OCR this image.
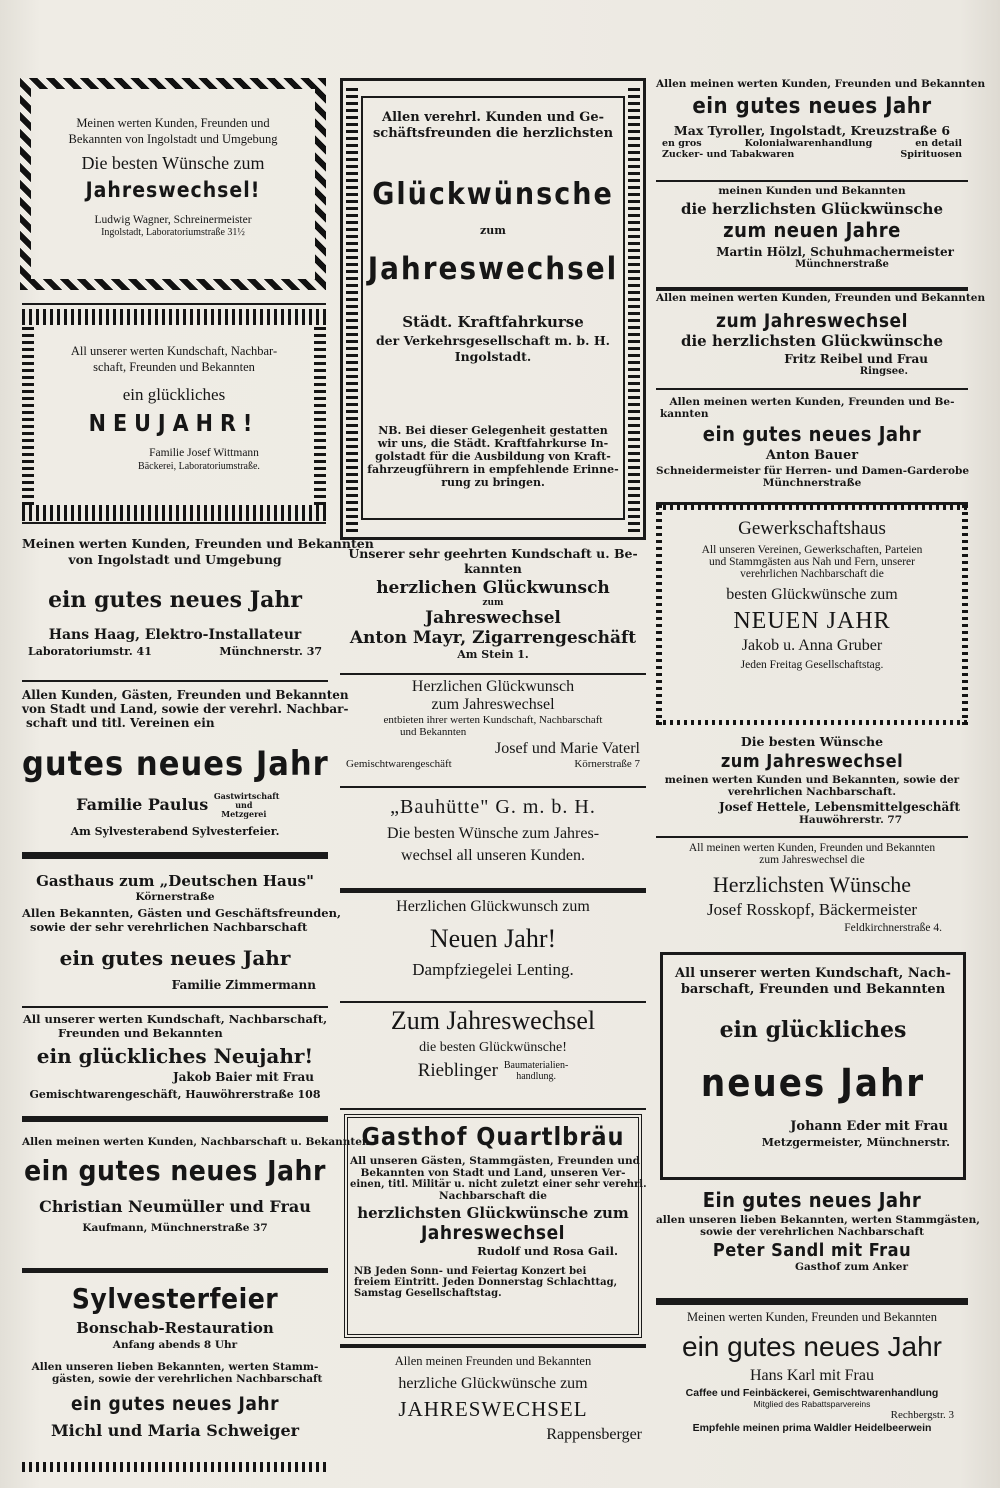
Meinen werten Kunden, Freunden und
Bekannten von Ingolstadt und Umgebung
Die besten Wünsche zum
Jahreswechsel!
Ludwig Wagner, Schreinermeister
Ingolstadt, Laboratoriumstraße 31½
All unserer werten Kundschaft, Nachbar-
schaft, Freunden und Bekannten
ein glückliches
NEUJAHR!
Familie Josef Wittmann
Bäckerei, Laboratoriumstraße.
Meinen werten Kunden, Freunden und Bekannten
von Ingolstadt und Umgebung
ein gutes neues Jahr
Hans Haag, Elektro-Installateur
Laboratoriumstr. 41	Münchnerstr. 37
Allen Kunden, Gästen, Freunden und Bekannten
von Stadt und Land, sowie der verehrl. Nachbar-
schaft und titl. Vereinen ein
gutes neues Jahr
Familie Paulus Gastwirtschaft und Metzgerei
Am Sylvesterabend Sylvesterfeier.
Gasthaus zum „Deutschen Haus"
Körnerstraße
Allen Bekannten, Gästen und Geschäftsfreunden,
sowie der sehr verehrlichen Nachbarschaft
ein gutes neues Jahr
Familie Zimmermann
All unserer werten Kundschaft, Nachbarschaft,
Freunden und Bekannten
ein glückliches Neujahr!
Jakob Baier mit Frau
Gemischtwarengeschäft, Hauwöhrerstraße 108
Allen meinen werten Kunden, Nachbarschaft u. Bekannten
ein gutes neues Jahr
Christian Neumüller und Frau
Kaufmann, Münchnerstraße 37
Sylvesterfeier
Bonschab-Restauration
Anfang abends 8 Uhr
Allen unseren lieben Bekannten, werten Stamm-
gästen, sowie der verehrlichen Nachbarschaft
ein gutes neues Jahr
Michl und Maria Schweiger
Allen verehrl. Kunden und Ge-
schäftsfreunden die herzlichsten
Glückwünsche
zum
Jahreswechsel
Städt. Kraftfahrkurse
der Verkehrsgesellschaft m. b. H.
Ingolstadt.
NB. Bei dieser Gelegenheit gestatten
wir uns, die Städt. Kraftfahrkurse In-
golstadt für die Ausbildung von Kraft-
fahrzeugführern in empfehlende Erinne-
rung zu bringen.
Unserer sehr geehrten Kundschaft u. Be-
kannten
herzlichen Glückwunsch
zum
Jahreswechsel
Anton Mayr, Zigarrengeschäft
Am Stein 1.
Herzlichen Glückwunsch
zum Jahreswechsel
entbieten ihrer werten Kundschaft, Nachbarschaft
und Bekannten
Josef und Marie Vaterl
Gemischtwarengeschäft	Körnerstraße 7
„Bauhütte" G. m. b. H.
Die besten Wünsche zum Jahres-
wechsel all unseren Kunden.
Herzlichen Glückwunsch zum
Neuen Jahr!
Dampfziegelei Lenting.
Zum Jahreswechsel
die besten Glückwünsche!
Rieblinger Baumaterialien-
handlung.
Gasthof Quartlbräu
All unseren Gästen, Stammgästen, Freunden und
Bekannten von Stadt und Land, unseren Ver-
einen, titl. Militär u. nicht zuletzt einer sehr verehrl.
Nachbarschaft die
herzlichsten Glückwünsche zum
Jahreswechsel
Rudolf und Rosa Gail.
NB Jeden Sonn- und Feiertag Konzert bei
freiem Eintritt. Jeden Donnerstag Schlachttag,
Samstag Gesellschaftstag.
Allen meinen Freunden und Bekannten
herzliche Glückwünsche zum
JAHRESWECHSEL
Rappensberger
Allen meinen werten Kunden, Freunden und Bekannten
ein gutes neues Jahr
Max Tyroller, Ingolstadt, Kreuzstraße 6
en gros	Kolonialwarenhandlung	en detail
Zucker- und Tabakwaren	Spirituosen
meinen Kunden und Bekannten
die herzlichsten Glückwünsche
zum neuen Jahre
Martin Hölzl, Schuhmachermeister
Münchnerstraße
Allen meinen werten Kunden, Freunden und Bekannten
zum Jahreswechsel
die herzlichsten Glückwünsche
Fritz Reibel und Frau
Ringsee.
Allen meinen werten Kunden, Freunden und Be-
kannten
ein gutes neues Jahr
Anton Bauer
Schneidermeister für Herren- und Damen-Garderobe
Münchnerstraße
Gewerkschaftshaus
All unseren Vereinen, Gewerkschaften, Parteien
und Stammgästen aus Nah und Fern, unserer
verehrlichen Nachbarschaft die
besten Glückwünsche zum
NEUEN JAHR
Jakob u. Anna Gruber
Jeden Freitag Gesellschaftstag.
Die besten Wünsche
zum Jahreswechsel
meinen werten Kunden und Bekannten, sowie der
verehrlichen Nachbarschaft.
Josef Hettele, Lebensmittelgeschäft
Hauwöhrerstr. 77
All meinen werten Kunden, Freunden und Bekannten
zum Jahreswechsel die
Herzlichsten Wünsche
Josef Rosskopf, Bäckermeister
Feldkirchnerstraße 4.
All unserer werten Kundschaft, Nach-
barschaft, Freunden und Bekannten
ein glückliches
neues Jahr
Johann Eder mit Frau
Metzgermeister, Münchnerstr.
Ein gutes neues Jahr
allen unseren lieben Bekannten, werten Stammgästen,
sowie der verehrlichen Nachbarschaft
Peter Sandl mit Frau
Gasthof zum Anker
Meinen werten Kunden, Freunden und Bekannten
ein gutes neues Jahr
Hans Karl mit Frau
Caffee und Feinbäckerei, Gemischtwarenhandlung
Mitglied des Rabattsparvereins
Rechbergstr. 3
Empfehle meinen prima Waldler Heidelbeerwein
